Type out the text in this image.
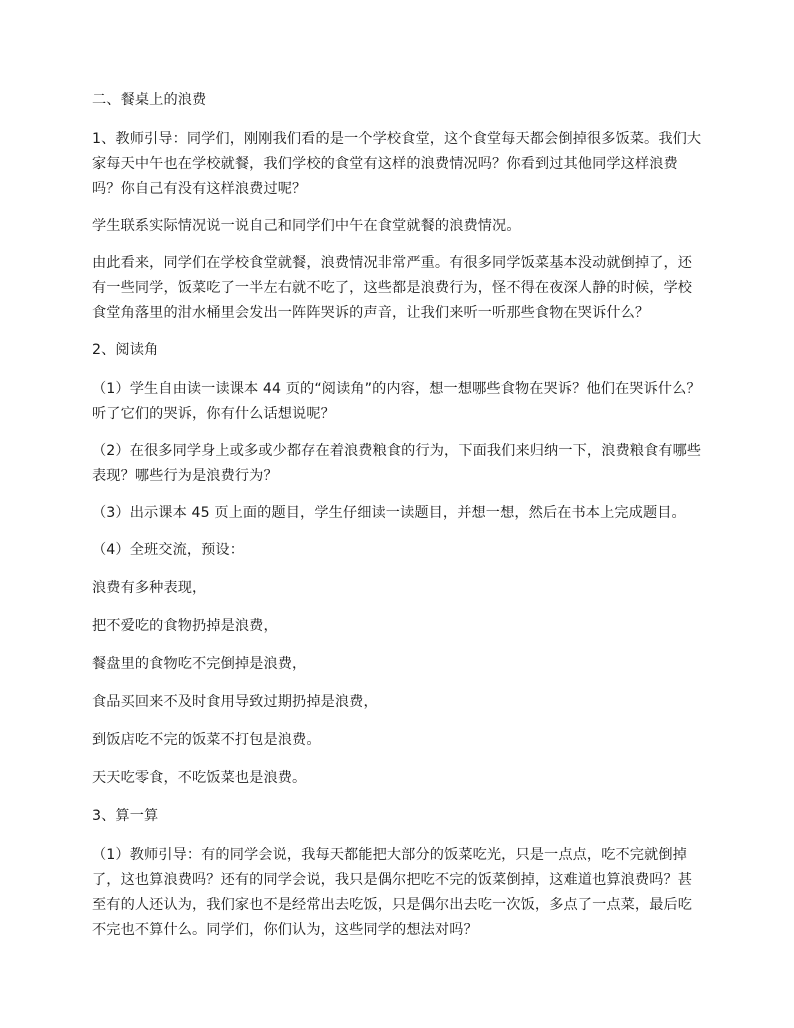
二、餐桌上的浪费

1、教师引导：同学们，刚刚我们看的是一个学校食堂，这个食堂每天都会倒掉很多饭菜。我们大家每天中午也在学校就餐，我们学校的食堂有这样的浪费情况吗？你看到过其他同学这样浪费吗？你自己有没有这样浪费过呢？

学生联系实际情况说一说自己和同学们中午在食堂就餐的浪费情况。

由此看来，同学们在学校食堂就餐，浪费情况非常严重。有很多同学饭菜基本没动就倒掉了，还有一些同学，饭菜吃了一半左右就不吃了，这些都是浪费行为，怪不得在夜深人静的时候，学校食堂角落里的泔水桶里会发出一阵阵哭诉的声音，让我们来听一听那些食物在哭诉什么？

2、阅读角

（1）学生自由读一读课本 44 页的“阅读角”的内容，想一想哪些食物在哭诉？他们在哭诉什么？听了它们的哭诉，你有什么话想说呢？

（2）在很多同学身上或多或少都存在着浪费粮食的行为，下面我们来归纳一下，浪费粮食有哪些表现？哪些行为是浪费行为？

（3）出示课本 45 页上面的题目，学生仔细读一读题目，并想一想，然后在书本上完成题目。

（4）全班交流，预设：

浪费有多种表现，

把不爱吃的食物扔掉是浪费，

餐盘里的食物吃不完倒掉是浪费，

食品买回来不及时食用导致过期扔掉是浪费，

到饭店吃不完的饭菜不打包是浪费。

天天吃零食，不吃饭菜也是浪费。

3、算一算

（1）教师引导：有的同学会说，我每天都能把大部分的饭菜吃光，只是一点点，吃不完就倒掉了，这也算浪费吗？还有的同学会说，我只是偶尔把吃不完的饭菜倒掉，这难道也算浪费吗？甚至有的人还认为，我们家也不是经常出去吃饭，只是偶尔出去吃一次饭，多点了一点菜，最后吃不完也不算什么。同学们，你们认为，这些同学的想法对吗？
